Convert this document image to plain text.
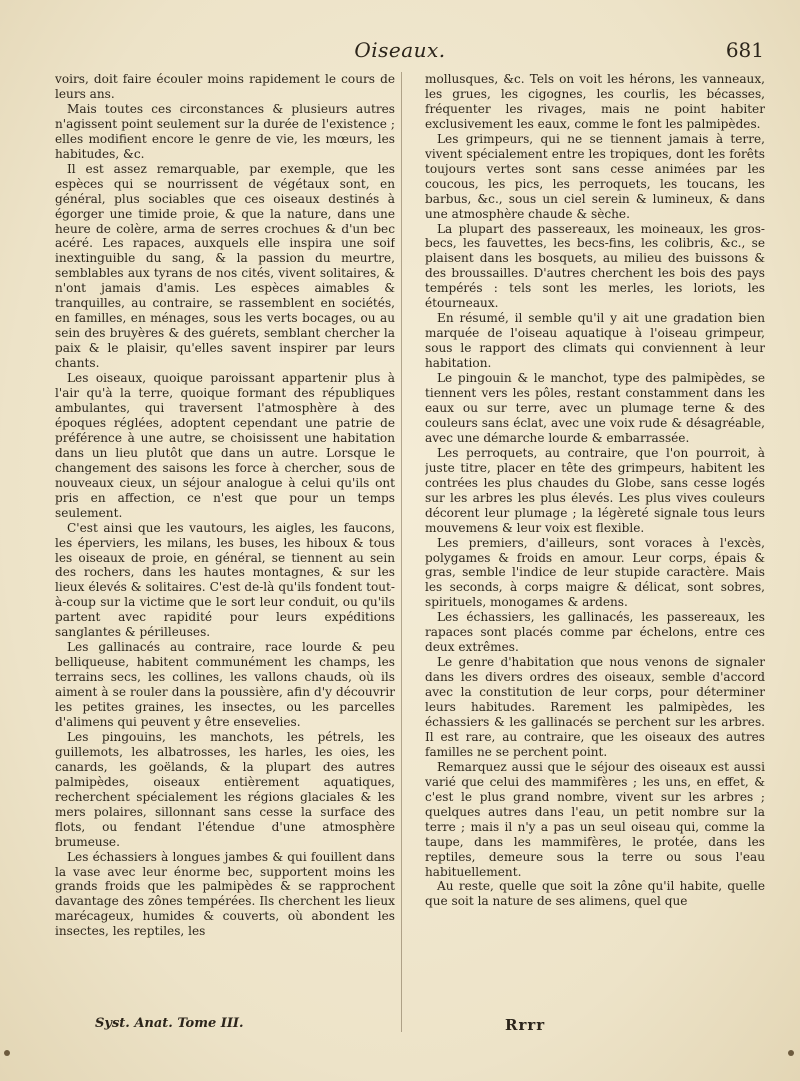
Oiseaux.	681

voirs, doit faire écouler moins rapidement le cours de leurs ans.

Mais toutes ces circonstances & plusieurs autres n'agissent point seulement sur la durée de l'existence ; elles modifient encore le genre de vie, les mœurs, les habitudes, &c.

Il est assez remarquable, par exemple, que les espèces qui se nourrissent de végétaux sont, en général, plus sociables que ces oiseaux destinés à égorger une timide proie, & que la nature, dans une heure de colère, arma de serres crochues & d'un bec acéré. Les rapaces, auxquels elle inspira une soif inextinguible du sang, & la passion du meurtre, semblables aux tyrans de nos cités, vivent solitaires, & n'ont jamais d'amis. Les espèces aimables & tranquilles, au contraire, se rassemblent en sociétés, en familles, en ménages, sous les verts bocages, ou au sein des bruyères & des guérets, semblant chercher la paix & le plaisir, qu'elles savent inspirer par leurs chants.

Les oiseaux, quoique paroissant appartenir plus à l'air qu'à la terre, quoique formant des républiques ambulantes, qui traversent l'atmosphère à des époques réglées, adoptent cependant une patrie de préférence à une autre, se choisissent une habitation dans un lieu plutôt que dans un autre. Lorsque le changement des saisons les force à chercher, sous de nouveaux cieux, un séjour analogue à celui qu'ils ont pris en affection, ce n'est que pour un temps seulement.

C'est ainsi que les vautours, les aigles, les faucons, les éperviers, les milans, les buses, les hiboux & tous les oiseaux de proie, en général, se tiennent au sein des rochers, dans les hautes montagnes, & sur les lieux élevés & solitaires. C'est de-là qu'ils fondent tout-à-coup sur la victime que le sort leur conduit, ou qu'ils partent avec rapidité pour leurs expéditions sanglantes & périlleuses.

Les gallinacés au contraire, race lourde & peu belliqueuse, habitent communément les champs, les terrains secs, les collines, les vallons chauds, où ils aiment à se rouler dans la poussière, afin d'y découvrir les petites graines, les insectes, ou les parcelles d'alimens qui peuvent y être ensevelies.

Les pingouins, les manchots, les pétrels, les guillemots, les albatrosses, les harles, les oies, les canards, les goëlands, & la plupart des autres palmipèdes, oiseaux entièrement aquatiques, recherchent spécialement les régions glaciales & les mers polaires, sillonnant sans cesse la surface des flots, ou fendant l'étendue d'une atmosphère brumeuse.

Les échassiers à longues jambes & qui fouillent dans la vase avec leur énorme bec, supportent moins les grands froids que les palmipèdes & se rapprochent davantage des zônes tempérées. Ils cherchent les lieux marécageux, humides & couverts, où abondent les insectes, les reptiles, les

mollusques, &c. Tels on voit les hérons, les vanneaux, les grues, les cigognes, les courlis, les bécasses, fréquenter les rivages, mais ne point habiter exclusivement les eaux, comme le font les palmipèdes.

Les grimpeurs, qui ne se tiennent jamais à terre, vivent spécialement entre les tropiques, dont les forêts toujours vertes sont sans cesse animées par les coucous, les pics, les perroquets, les toucans, les barbus, &c., sous un ciel serein & lumineux, & dans une atmosphère chaude & sèche.

La plupart des passereaux, les moineaux, les gros-becs, les fauvettes, les becs-fins, les colibris, &c., se plaisent dans les bosquets, au milieu des buissons & des broussailles. D'autres cherchent les bois des pays tempérés : tels sont les merles, les loriots, les étourneaux.

En résumé, il semble qu'il y ait une gradation bien marquée de l'oiseau aquatique à l'oiseau grimpeur, sous le rapport des climats qui conviennent à leur habitation.

Le pingouin & le manchot, type des palmipèdes, se tiennent vers les pôles, restant constamment dans les eaux ou sur terre, avec un plumage terne & des couleurs sans éclat, avec une voix rude & désagréable, avec une démarche lourde & embarrassée.

Les perroquets, au contraire, que l'on pourroit, à juste titre, placer en tête des grimpeurs, habitent les contrées les plus chaudes du Globe, sans cesse logés sur les arbres les plus élevés. Les plus vives couleurs décorent leur plumage ; la légèreté signale tous leurs mouvemens & leur voix est flexible.

Les premiers, d'ailleurs, sont voraces à l'excès, polygames & froids en amour. Leur corps, épais & gras, semble l'indice de leur stupide caractère. Mais les seconds, à corps maigre & délicat, sont sobres, spirituels, monogames & ardens.

Les échassiers, les gallinacés, les passereaux, les rapaces sont placés comme par échelons, entre ces deux extrêmes.

Le genre d'habitation que nous venons de signaler dans les divers ordres des oiseaux, semble d'accord avec la constitution de leur corps, pour déterminer leurs habitudes. Rarement les palmipèdes, les échassiers & les gallinacés se perchent sur les arbres. Il est rare, au contraire, que les oiseaux des autres familles ne se perchent point.

Remarquez aussi que le séjour des oiseaux est aussi varié que celui des mammifères ; les uns, en effet, & c'est le plus grand nombre, vivent sur les arbres ; quelques autres dans l'eau, un petit nombre sur la terre ; mais il n'y a pas un seul oiseau qui, comme la taupe, dans les mammifères, le protée, dans les reptiles, demeure sous la terre ou sous l'eau habituellement.

Au reste, quelle que soit la zône qu'il habite, quelle que soit la nature de ses alimens, quel que

Syst. Anat. Tome III.	Rrrr
